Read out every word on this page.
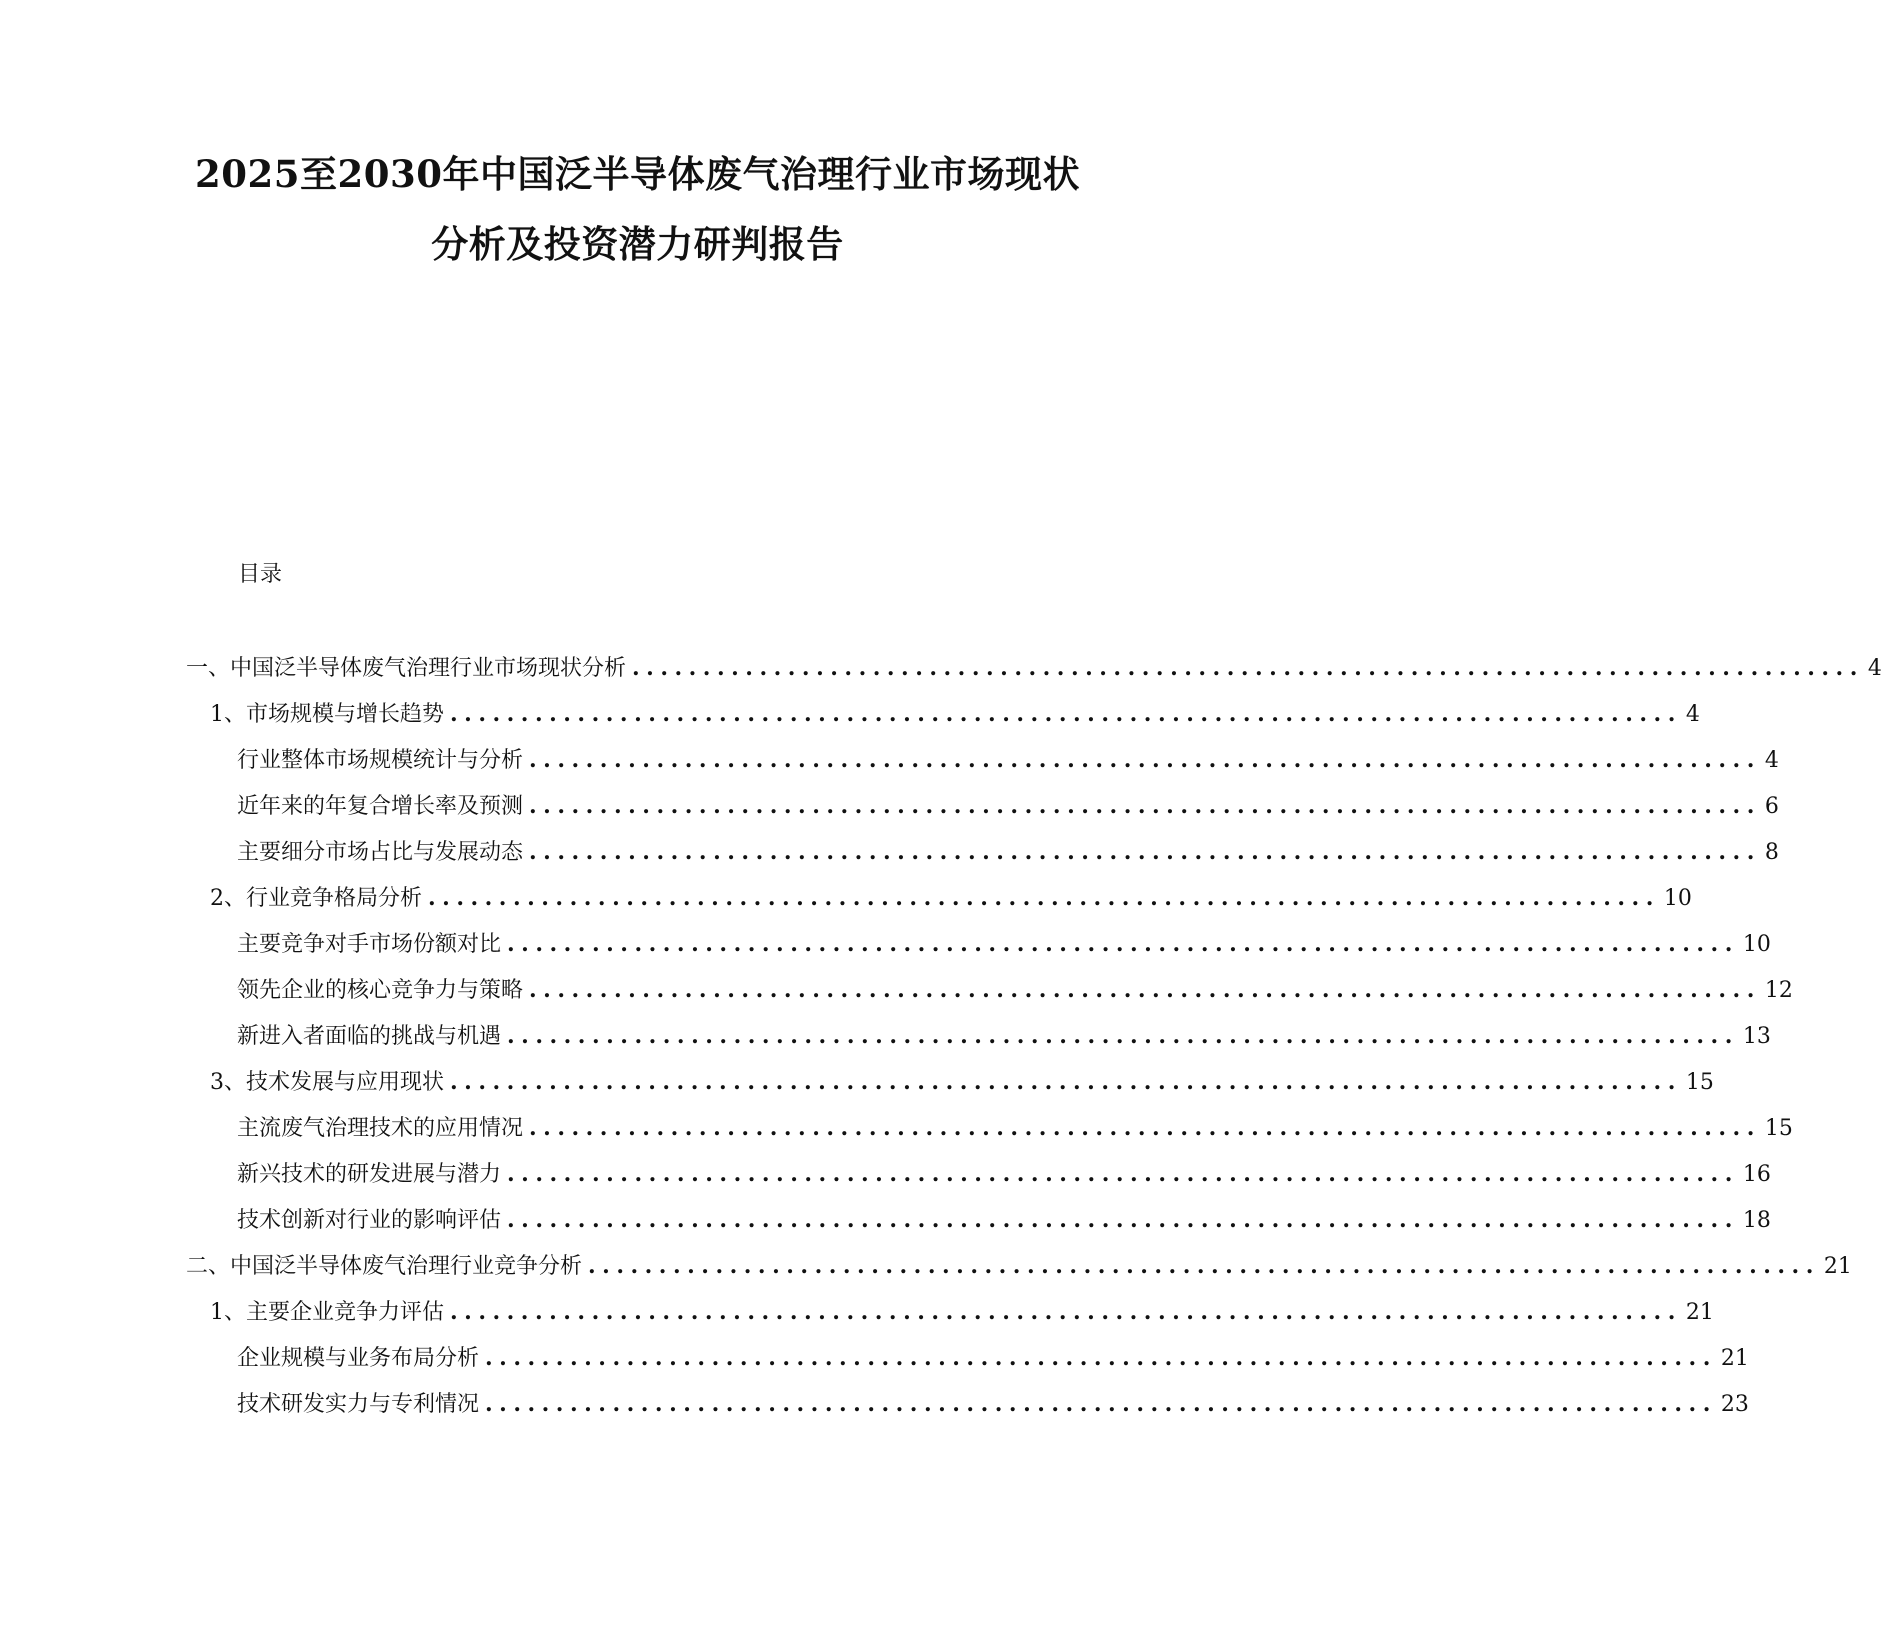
2025至2030年中国泛半导体废气治理行业市场现状
分析及投资潜力研判报告
目录
一、中国泛半导体废气治理行业市场现状分析 ....................................................................................... 4
1、市场规模与增长趋势 ....................................................................................... 4
行业整体市场规模统计与分析 ....................................................................................... 4
近年来的年复合增长率及预测 ....................................................................................... 6
主要细分市场占比与发展动态 ....................................................................................... 8
2、行业竞争格局分析 ....................................................................................... 10
主要竞争对手市场份额对比 ....................................................................................... 10
领先企业的核心竞争力与策略 ....................................................................................... 12
新进入者面临的挑战与机遇 ....................................................................................... 13
3、技术发展与应用现状 ....................................................................................... 15
主流废气治理技术的应用情况 ....................................................................................... 15
新兴技术的研发进展与潜力 ....................................................................................... 16
技术创新对行业的影响评估 ....................................................................................... 18
二、中国泛半导体废气治理行业竞争分析 ....................................................................................... 21
1、主要企业竞争力评估 ....................................................................................... 21
企业规模与业务布局分析 ....................................................................................... 21
技术研发实力与专利情况 ....................................................................................... 23
